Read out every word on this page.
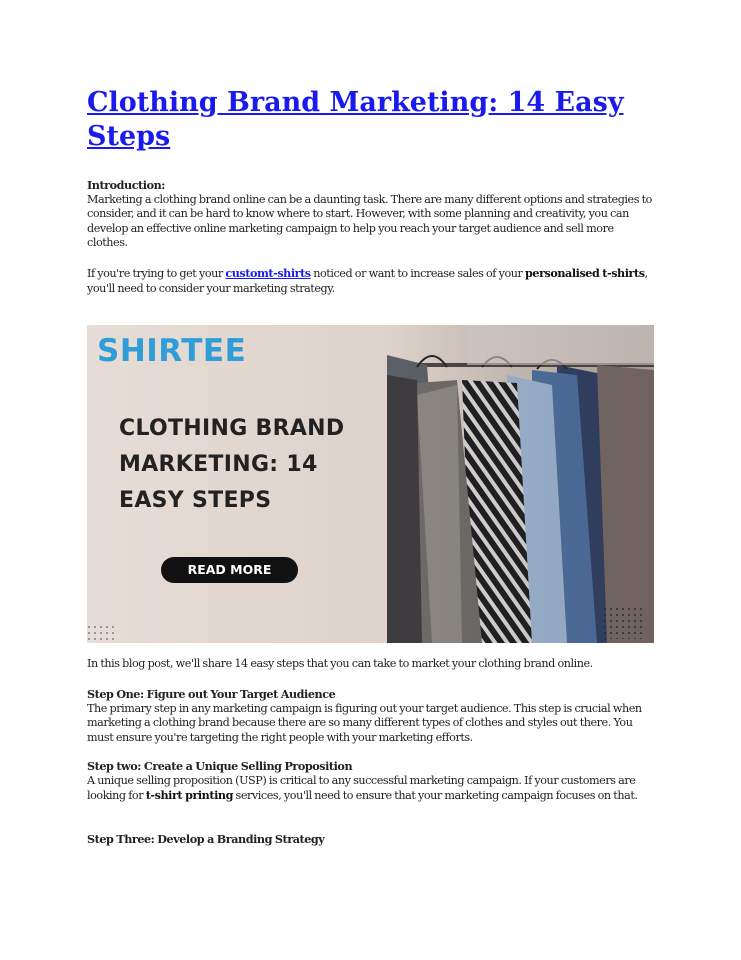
Clothing Brand Marketing: 14 Easy Steps
Introduction:
Marketing a clothing brand online can be a daunting task. There are many different options and strategies to consider, and it can be hard to know where to start. However, with some planning and creativity, you can develop an effective online marketing campaign to help you reach your target audience and sell more clothes.
If you're trying to get your customt-shirts noticed or want to increase sales of your personalised t-shirts, you'll need to consider your marketing strategy.
SHIRTEE
CLOTHING BRAND
MARKETING: 14
EASY STEPS
READ MORE
In this blog post, we'll share 14 easy steps that you can take to market your clothing brand online.
Step One: Figure out Your Target Audience
The primary step in any marketing campaign is figuring out your target audience. This step is crucial when marketing a clothing brand because there are so many different types of clothes and styles out there. You must ensure you're targeting the right people with your marketing efforts.
Step two: Create a Unique Selling Proposition
A unique selling proposition (USP) is critical to any successful marketing campaign. If your customers are looking for t-shirt printing services, you'll need to ensure that your marketing campaign focuses on that.
Step Three: Develop a Branding Strategy
